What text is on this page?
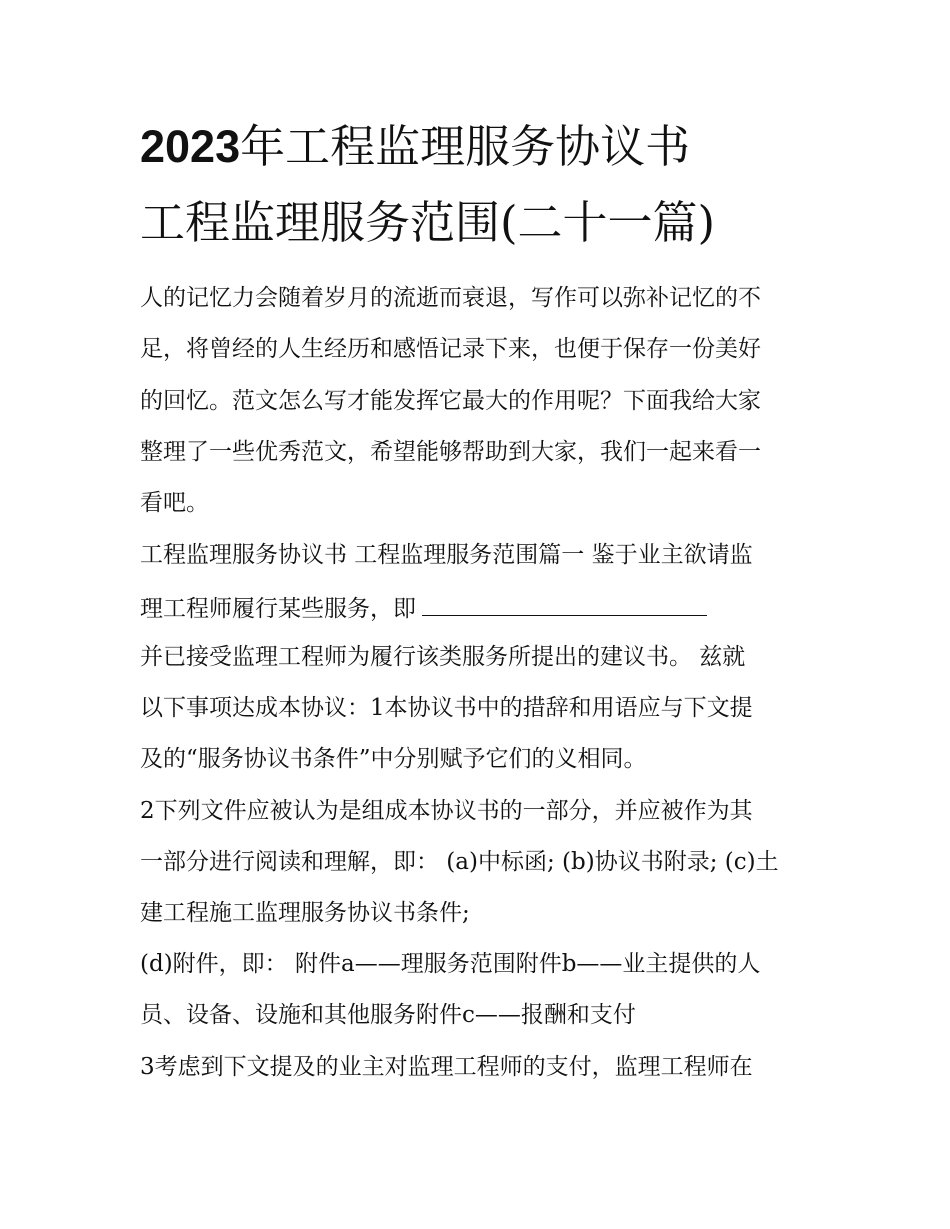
2023年工程监理服务协议书
工程监理服务范围(二十一篇)
人的记忆力会随着岁月的流逝而衰退，写作可以弥补记忆的不
足，将曾经的人生经历和感悟记录下来，也便于保存一份美好
的回忆。范文怎么写才能发挥它最大的作用呢？下面我给大家
整理了一些优秀范文，希望能够帮助到大家，我们一起来看一
看吧。
工程监理服务协议书 工程监理服务范围篇一 鉴于业主欲请监
理工程师履行某些服务，即
并已接受监理工程师为履行该类服务所提出的建议书。 兹就
以下事项达成本协议：1本协议书中的措辞和用语应与下文提
及的“服务协议书条件”中分别赋予它们的义相同。
2下列文件应被认为是组成本协议书的一部分，并应被作为其
一部分进行阅读和理解，即： (a)中标函; (b)协议书附录; (c)土
建工程施工监理服务协议书条件;
(d)附件，即： 附件a——理服务范围附件b——业主提供的人
员、设备、设施和其他服务附件c——报酬和支付
3考虑到下文提及的业主对监理工程师的支付，监理工程师在
